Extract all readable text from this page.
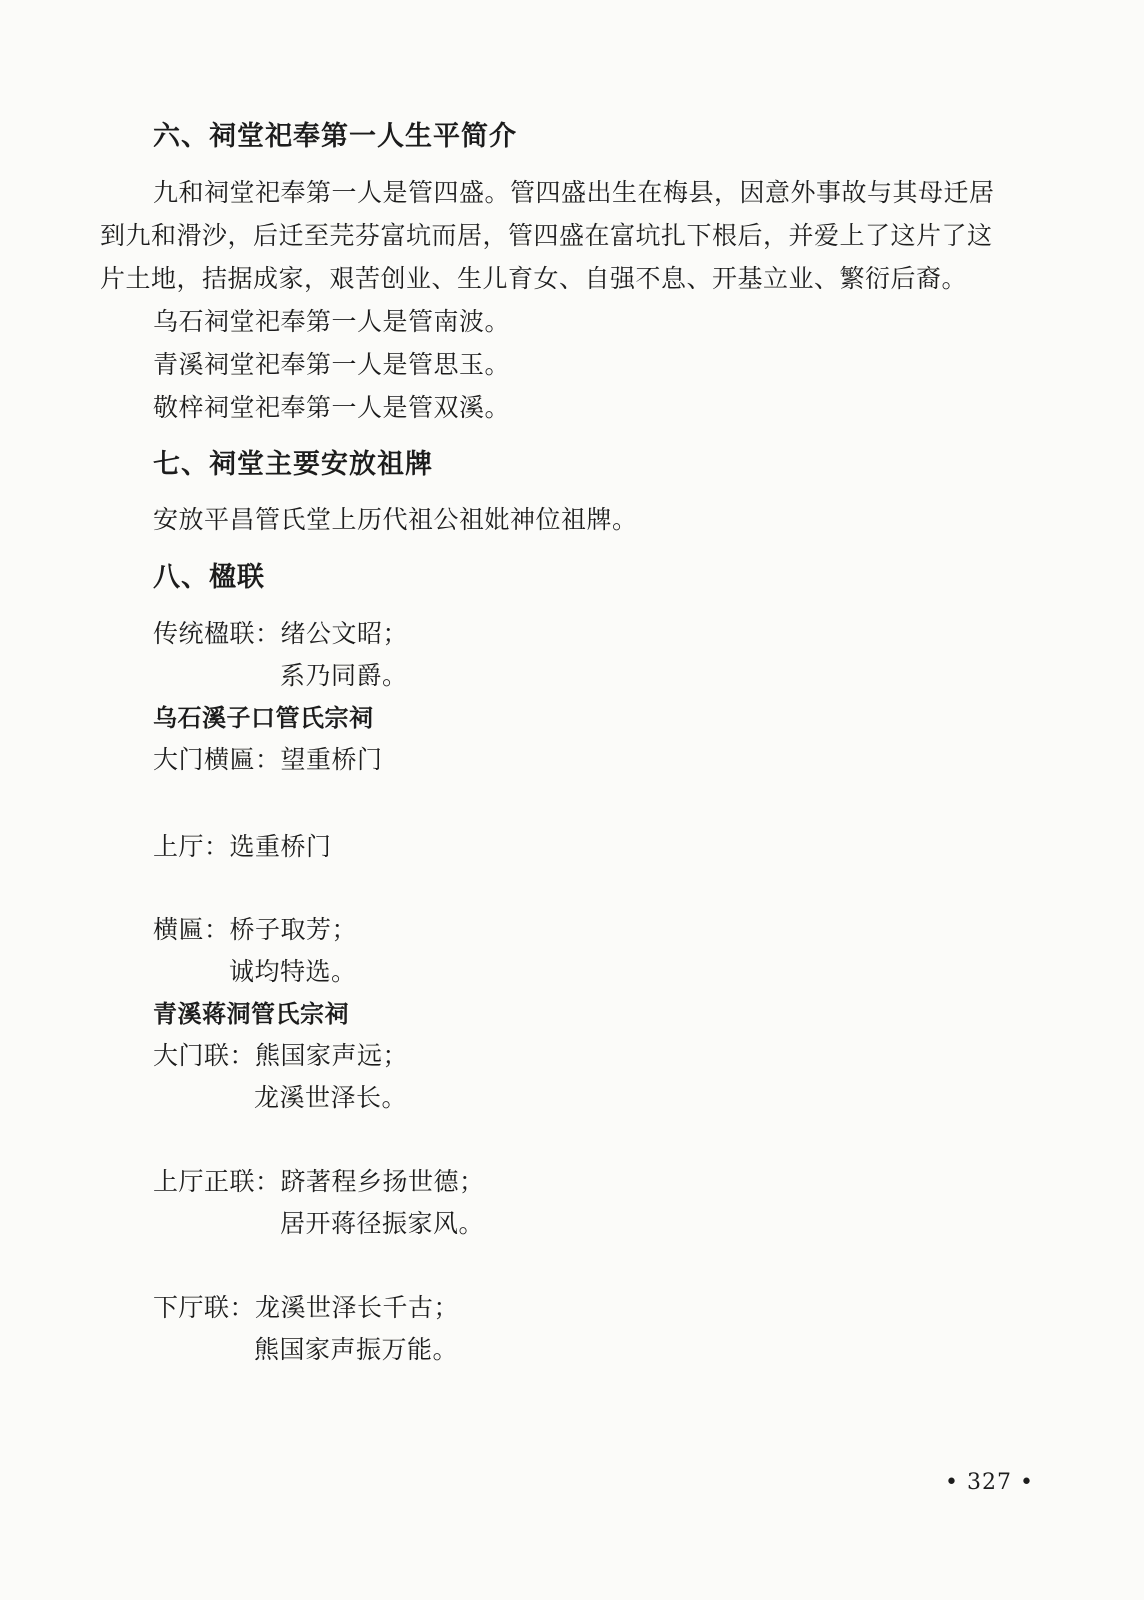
六、祠堂祀奉第一人生平简介
九和祠堂祀奉第一人是管四盛。管四盛出生在梅县，因意外事故与其母迁居
到九和滑沙，后迁至芫芬富坑而居，管四盛在富坑扎下根后，并爱上了这片了这
片土地，拮据成家，艰苦创业、生儿育女、自强不息、开基立业、繁衍后裔。
乌石祠堂祀奉第一人是管南波。
青溪祠堂祀奉第一人是管思玉。
敬梓祠堂祀奉第一人是管双溪。
七、祠堂主要安放祖牌
安放平昌管氏堂上历代祖公祖妣神位祖牌。
八、楹联
传统楹联：绪公文昭；
系乃同爵。
乌石溪子口管氏宗祠
大门横匾：望重桥门
上厅：选重桥门
横匾：桥子取芳；
诚均特选。
青溪蒋洞管氏宗祠
大门联：熊国家声远；
龙溪世泽长。
上厅正联：跻著程乡扬世德；
居开蒋径振家风。
下厅联：龙溪世泽长千古；
熊国家声振万能。
• 327 •
